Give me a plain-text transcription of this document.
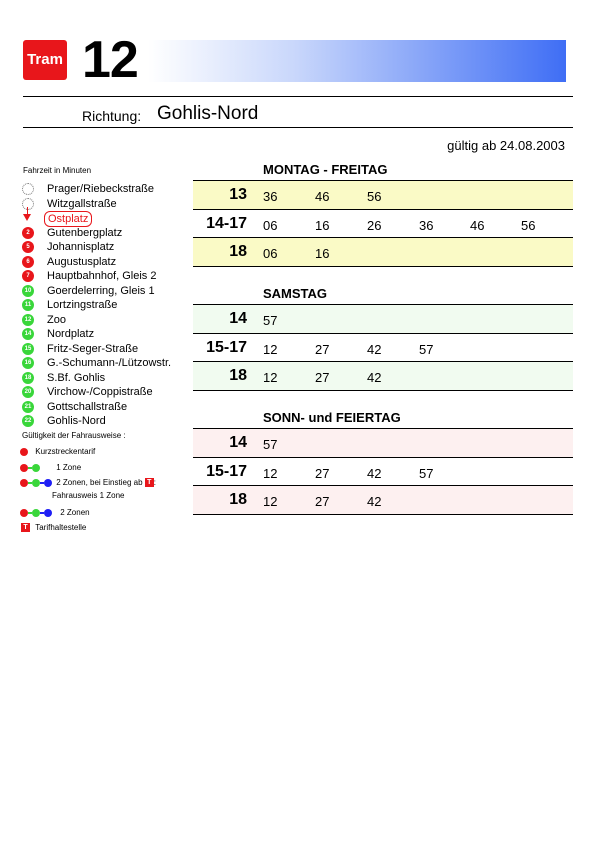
Tram 12
Richtung: Gohlis-Nord
gültig ab 24.08.2003
Fahrzeit in Minuten
Prager/Riebeckstraße
Witzgallstraße
Ostplatz
2	Gutenbergplatz
5	Johannisplatz
6	Augustusplatz
7	Hauptbahnhof, Gleis 2
10 Goerdelerring, Gleis 1
11 Lortzingstraße
12 Zoo
14 Nordplatz
15 Fritz-Seger-Straße
16 G.-Schumann-/Lützowstr.
18 S.Bf. Gohlis
20 Virchow-/Coppistraße
21 Gottschallstraße
22 Gohlis-Nord
Gültigkeit der Fahrausweise :
Kurzstreckentarif
1 Zone
2 Zonen, bei Einstieg ab T :
Fahrausweis 1 Zone
2 Zonen
T Tarifhaltestelle
MONTAG - FREITAG
13 36	46	56
14-17 06	16	26	36	46	56
18 06	16
SAMSTAG
14 57
15-17 12	27	42	57
18 12	27	42
SONN- und FEIERTAG
14 57
15-17 12	27	42	57
18 12	27	42
